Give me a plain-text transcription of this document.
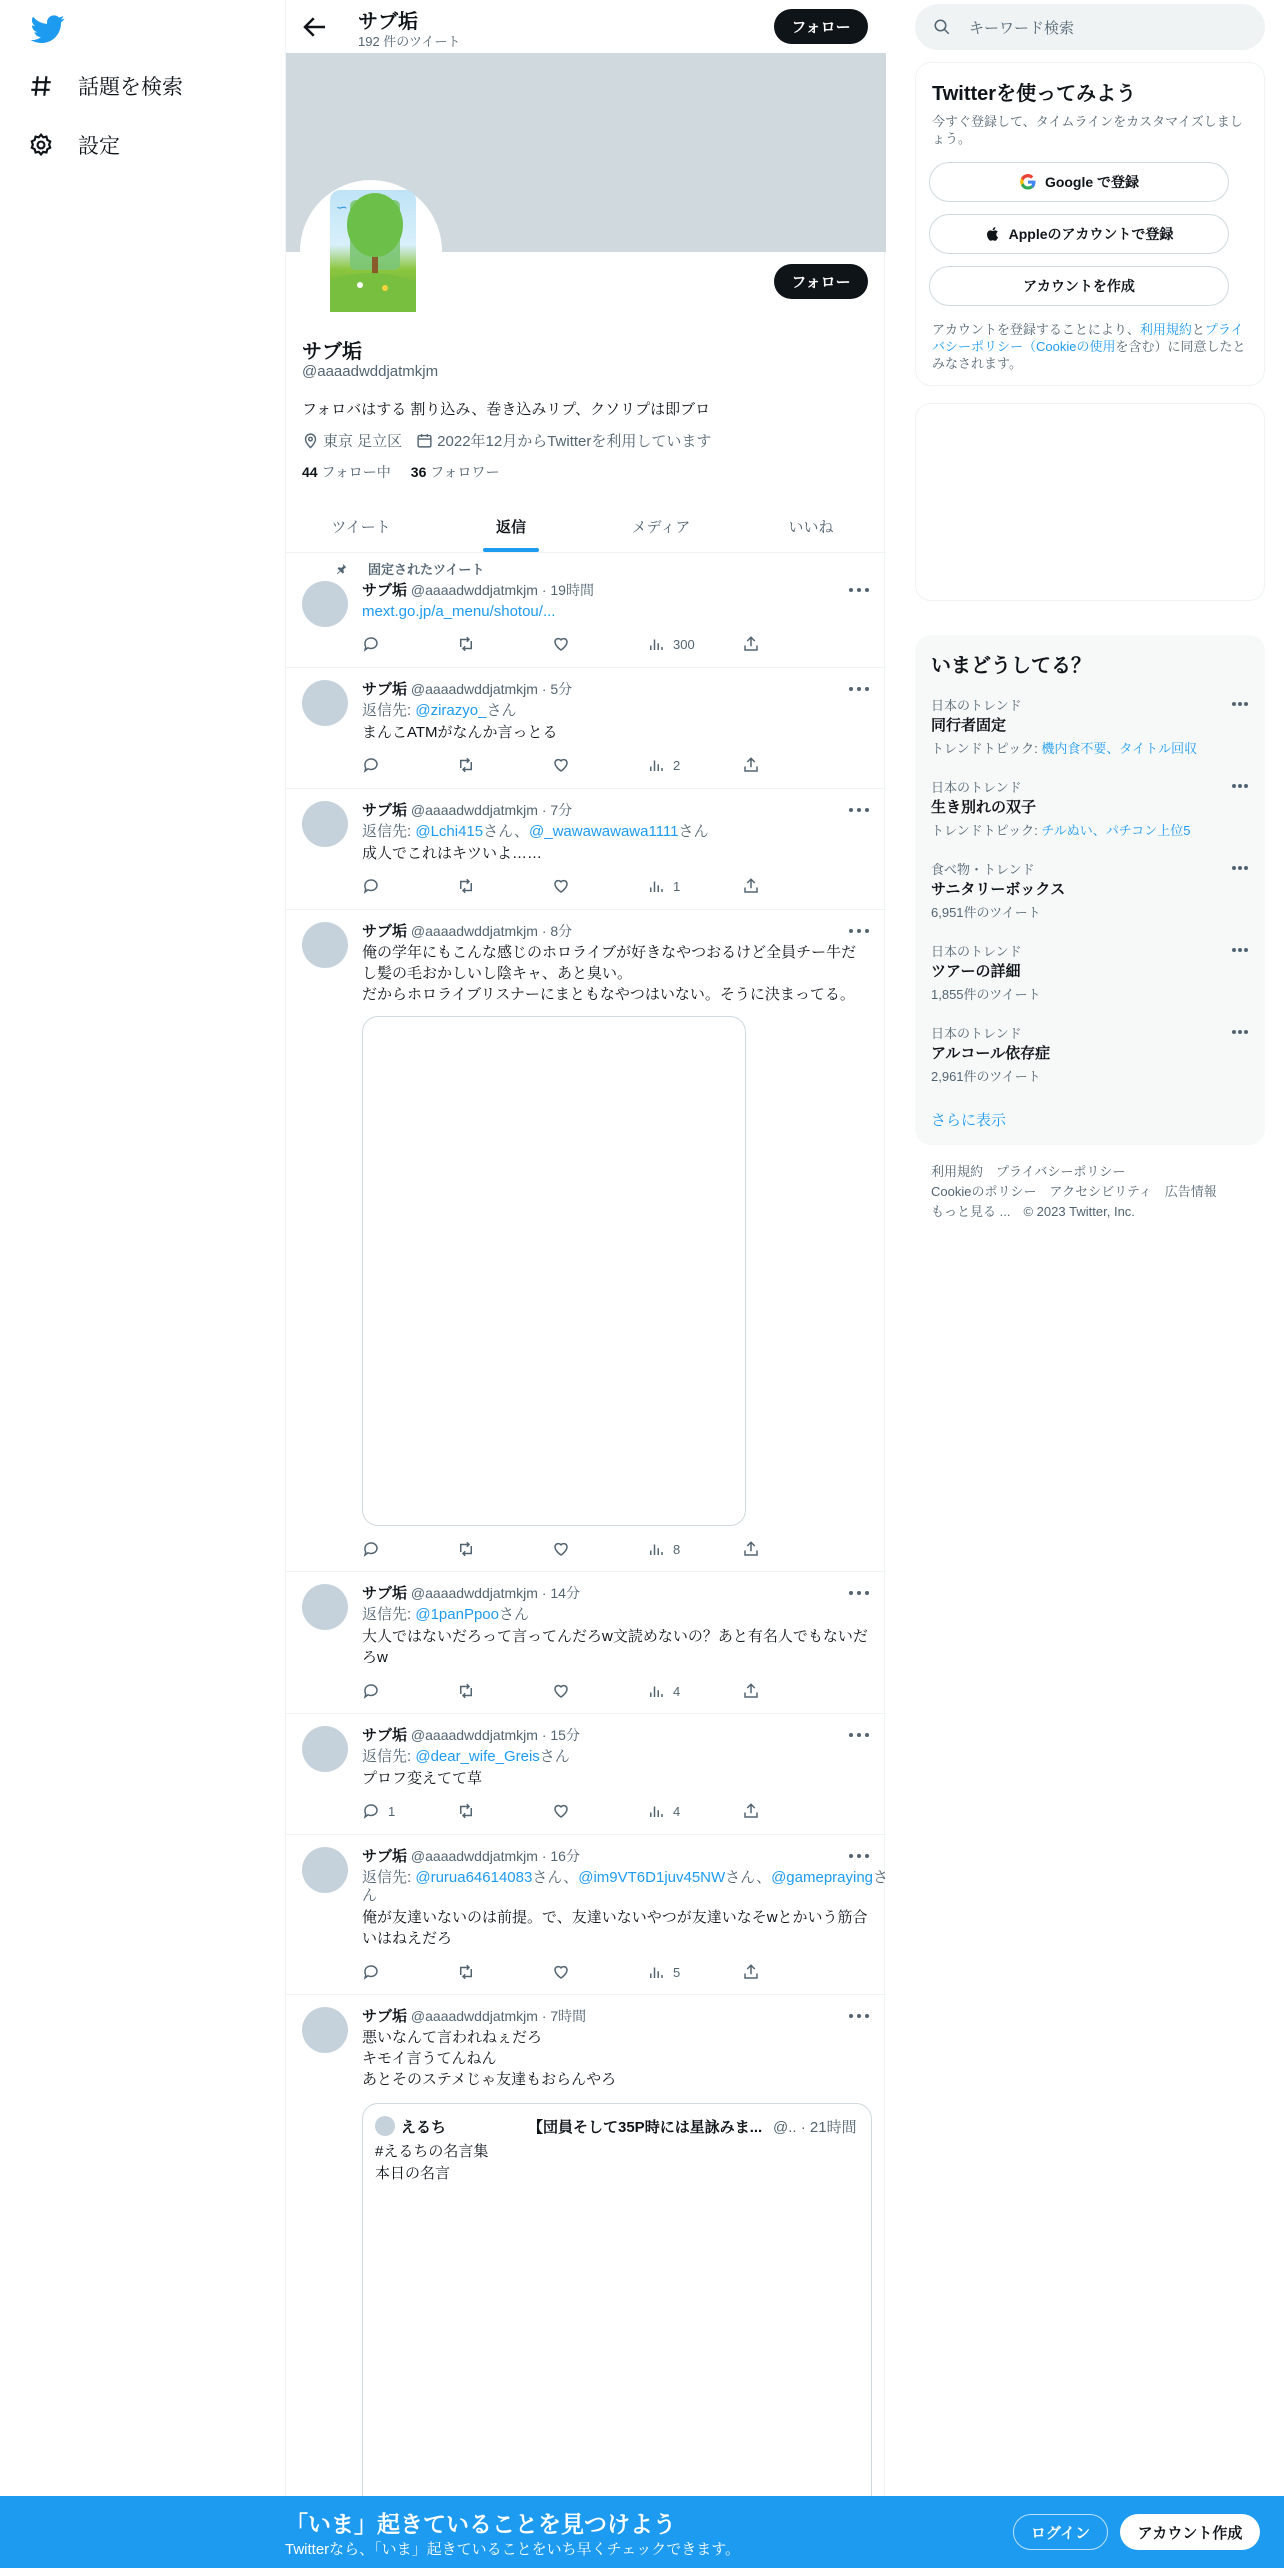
話題を検索
設定
サブ垢
192 件のツイート
フォロー
∽
フォロー
サブ垢
@aaaadwddjatmkjm
フォロバはする 割り込み、巻き込みリプ、クソリプは即ブロ
東京 足立区 2022年12月からTwitterを利用しています
44 フォロー中 36 フォロワー
ツイート	返信	メディア	いいね
固定されたツイート
サブ垢 @aaaadwddjatmkjm · 19時間
mext.go.jp/a_menu/shotou/...
300
サブ垢 @aaaadwddjatmkjm · 5分
返信先: @zirazyo_さん
まんこATMがなんか言っとる
2
サブ垢 @aaaadwddjatmkjm · 7分
返信先: @Lchi415さん、@_wawawawawa1111さん
成人でこれはキツいよ……
1
サブ垢 @aaaadwddjatmkjm · 8分
俺の学年にもこんな感じのホロライブが好きなやつおるけど全員チー牛だ
し髪の毛おかしいし陰キャ、あと臭い。
だからホロライブリスナーにまともなやつはいない。そうに決まってる。
8
サブ垢 @aaaadwddjatmkjm · 14分
返信先: @1panPpooさん
大人ではないだろって言ってんだろw文読めないの？あと有名人でもないだ
ろw
4
サブ垢 @aaaadwddjatmkjm · 15分
返信先: @dear_wife_Greisさん
プロフ変えてて草
1	4
サブ垢 @aaaadwddjatmkjm · 16分
返信先: @rurua64614083さん、@im9VT6D1juv45NWさん、@gameprayingさ
ん
俺が友達いないのは前提。で、友達いないやつが友達いなそwとかいう筋合
いはねえだろ
5
サブ垢 @aaaadwddjatmkjm · 7時間
悪いなんて言われねぇだろ
キモイ言うてんねん
あとそのステメじゃ友達もおらんやろ
えるち	【団員そして35P時には星詠みま... @.. · 21時間
#えるちの名言集
本日の名言
キーワード検索
Twitterを使ってみよう
今すぐ登録して、タイムラインをカスタマイズしましょう。
Google で登録
Appleのアカウントで登録
アカウントを作成
アカウントを登録することにより、利用規約とプライバシーポリシー（Cookieの使用を含む）に同意したとみなされます。
いまどうしてる？
日本のトレンド
同行者固定
トレンドトピック: 機内食不要、タイトル回収
日本のトレンド
生き別れの双子
トレンドトピック: チルぬい、パチコン上位5
食べ物・トレンド
サニタリーボックス
6,951件のツイート
日本のトレンド
ツアーの詳細
1,855件のツイート
日本のトレンド
アルコール依存症
2,961件のツイート
さらに表示
利用規約　プライバシーポリシー
Cookieのポリシー　アクセシビリティ　広告情報
もっと見る ...　© 2023 Twitter, Inc.
「いま」起きていることを見つけよう
Twitterなら、「いま」起きていることをいち早くチェックできます。
ログイン	アカウント作成
